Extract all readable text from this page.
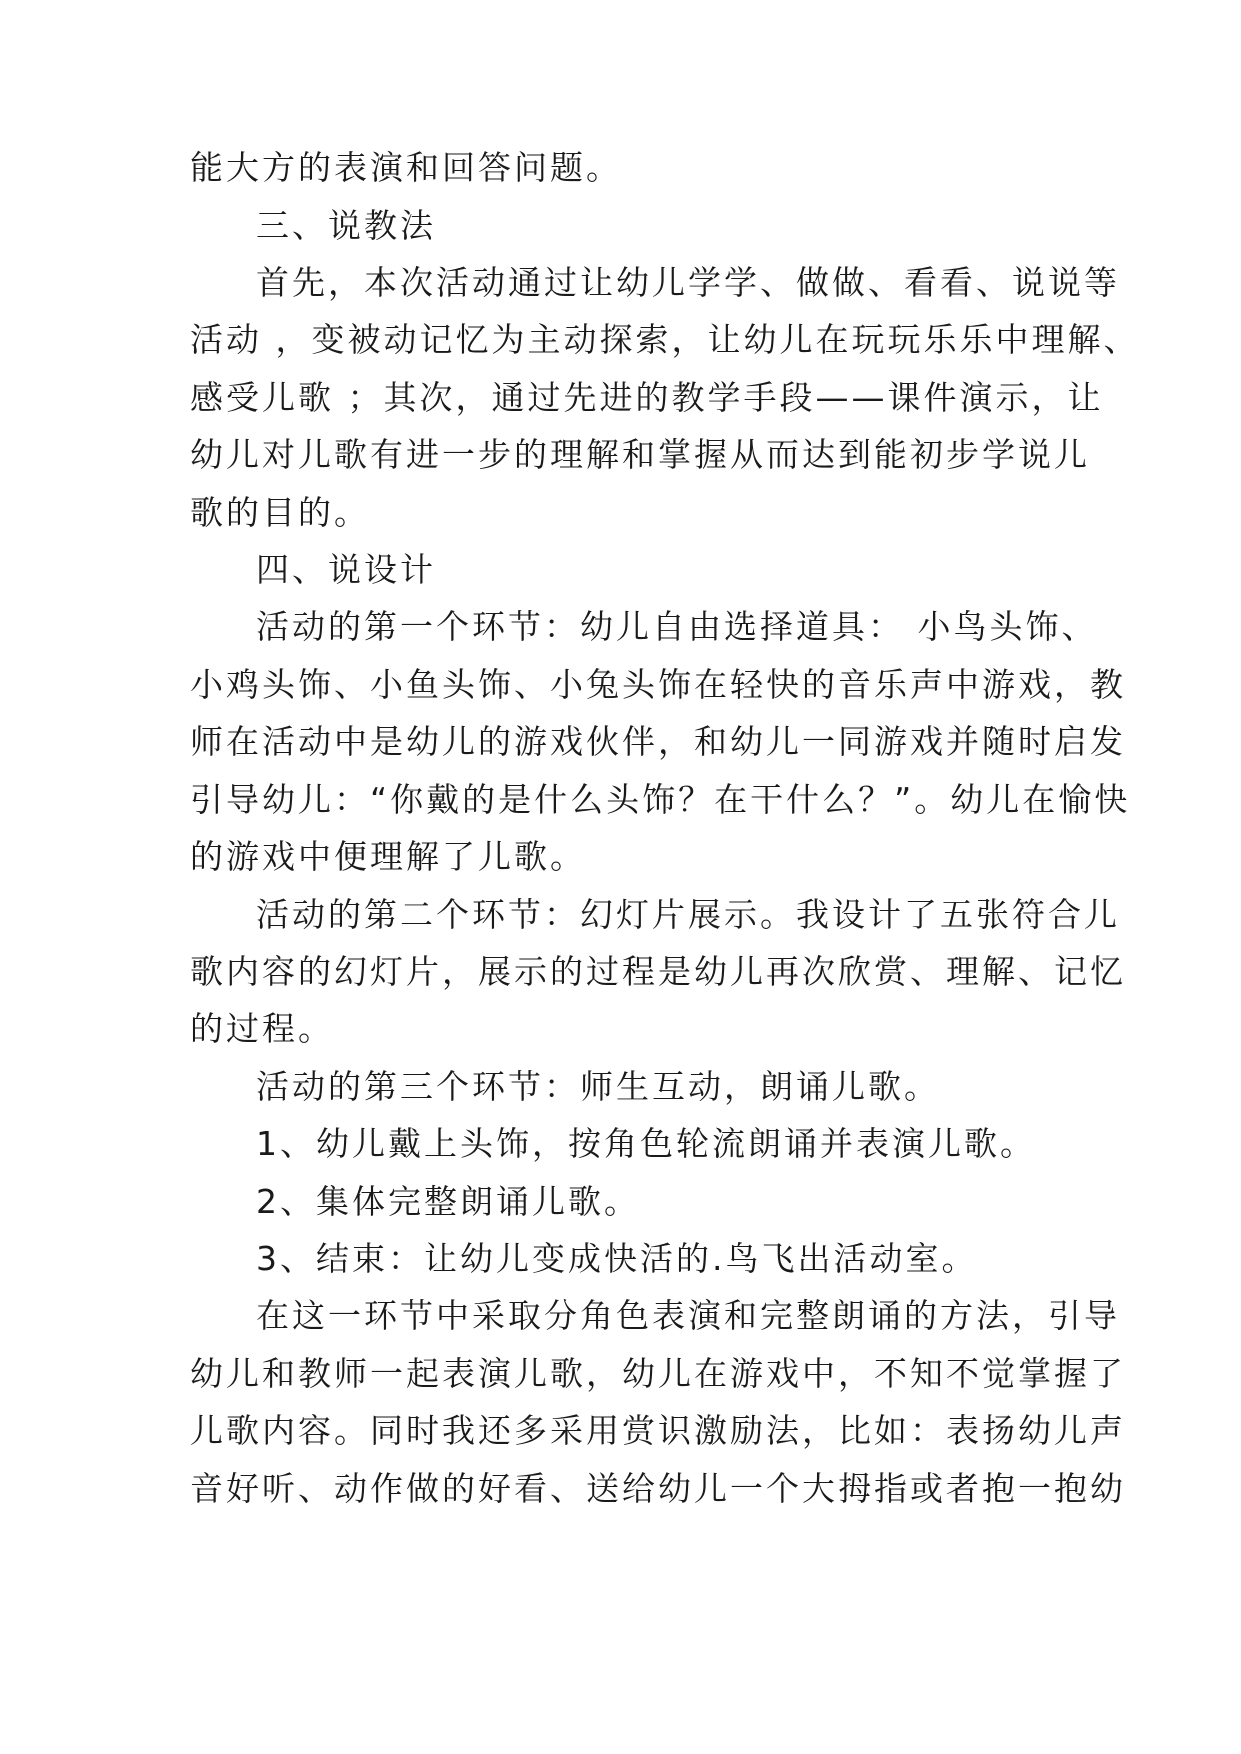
能大方的表演和回答问题。
三、说教法
首先，本次活动通过让幼儿学学、做做、看看、说说等
活动 ，变被动记忆为主动探索，让幼儿在玩玩乐乐中理解、
感受儿歌 ；其次，通过先进的教学手段——课件演示，让
幼儿对儿歌有进一步的理解和掌握从而达到能初步学说儿
歌的目的。
四、说设计
活动的第一个环节：幼儿自由选择道具： 小鸟头饰、
小鸡头饰、小鱼头饰、小兔头饰在轻快的音乐声中游戏，教
师在活动中是幼儿的游戏伙伴，和幼儿一同游戏并随时启发
引导幼儿：“你戴的是什么头饰？在干什么？”。幼儿在愉快
的游戏中便理解了儿歌。
活动的第二个环节：幻灯片展示。我设计了五张符合儿
歌内容的幻灯片，展示的过程是幼儿再次欣赏、理解、记忆
的过程。
活动的第三个环节：师生互动，朗诵儿歌。
1、幼儿戴上头饰，按角色轮流朗诵并表演儿歌。
2、集体完整朗诵儿歌。
3、结束：让幼儿变成快活的.鸟飞出活动室。
在这一环节中采取分角色表演和完整朗诵的方法，引导
幼儿和教师一起表演儿歌，幼儿在游戏中，不知不觉掌握了
儿歌内容。同时我还多采用赏识激励法，比如：表扬幼儿声
音好听、动作做的好看、送给幼儿一个大拇指或者抱一抱幼
